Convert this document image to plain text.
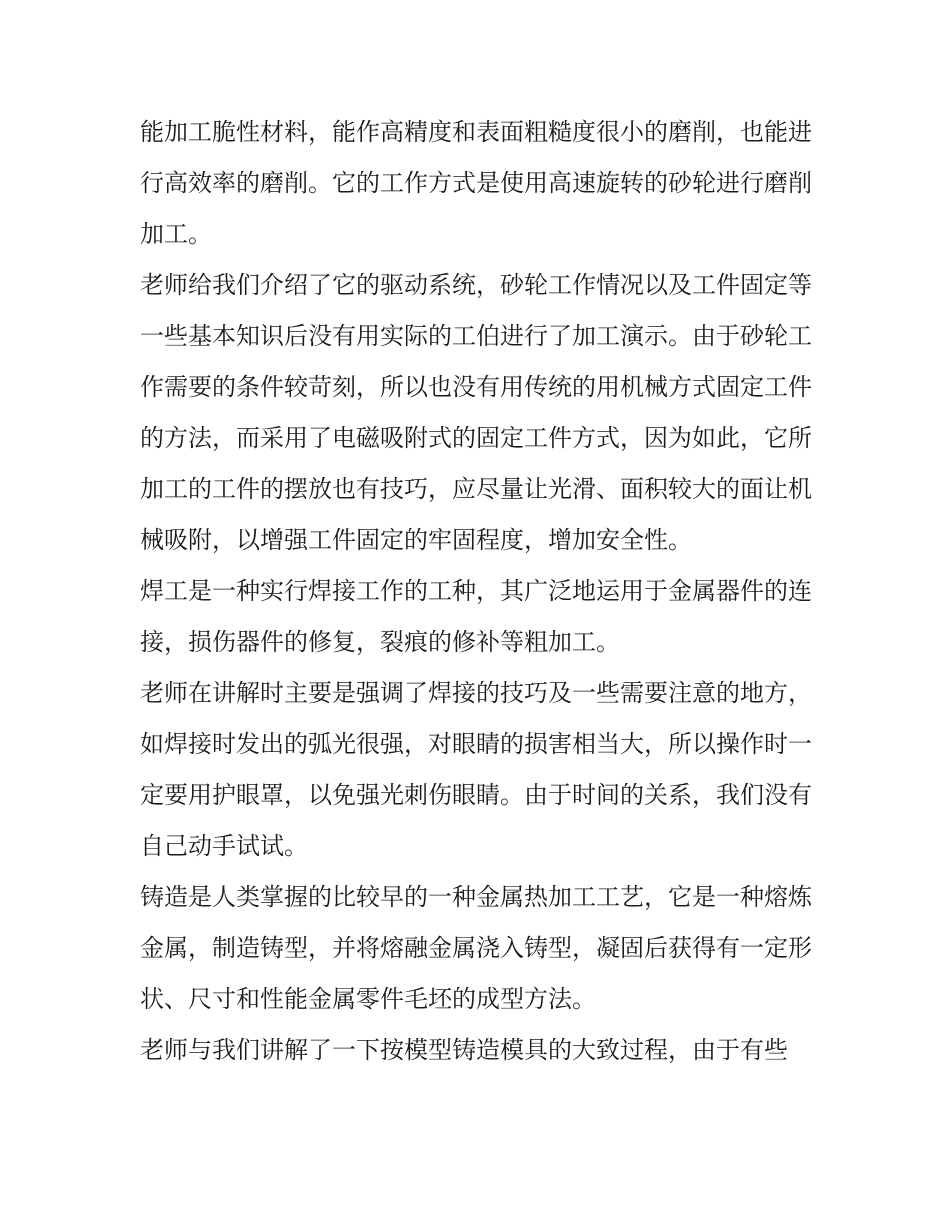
能加工脆性材料，能作高精度和表面粗糙度很小的磨削，也能进行高效率的磨削。它的工作方式是使用高速旋转的砂轮进行磨削加工。

老师给我们介绍了它的驱动系统，砂轮工作情况以及工件固定等一些基本知识后没有用实际的工伯进行了加工演示。由于砂轮工作需要的条件较苛刻，所以也没有用传统的用机械方式固定工件的方法，而采用了电磁吸附式的固定工件方式，因为如此，它所加工的工件的摆放也有技巧，应尽量让光滑、面积较大的面让机械吸附，以增强工件固定的牢固程度，增加安全性。

焊工是一种实行焊接工作的工种，其广泛地运用于金属器件的连接，损伤器件的修复，裂痕的修补等粗加工。

老师在讲解时主要是强调了焊接的技巧及一些需要注意的地方，如焊接时发出的弧光很强，对眼睛的损害相当大，所以操作时一定要用护眼罩，以免强光刺伤眼睛。由于时间的关系，我们没有自己动手试试。

铸造是人类掌握的比较早的一种金属热加工工艺，它是一种熔炼金属，制造铸型，并将熔融金属浇入铸型，凝固后获得有一定形状、尺寸和性能金属零件毛坯的成型方法。

老师与我们讲解了一下按模型铸造模具的大致过程，由于有些
